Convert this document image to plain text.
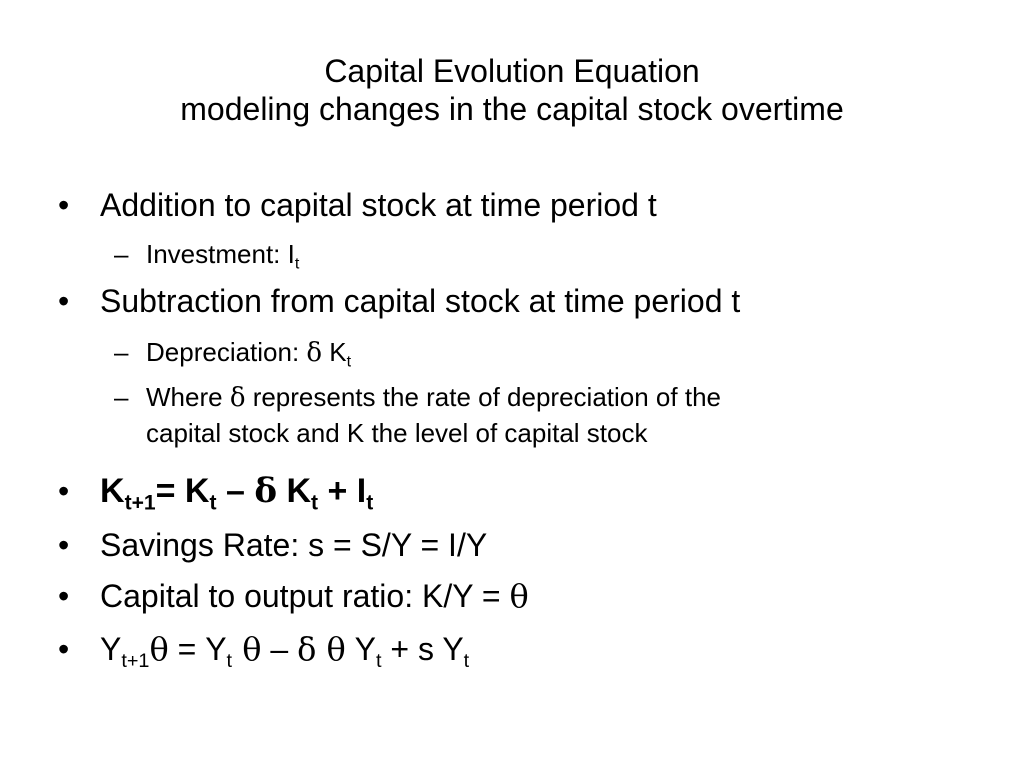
Capital Evolution Equation
modeling changes in the capital stock overtime
• Addition to capital stock at time period t
– Investment: $I_t$
• Subtraction from capital stock at time period t
– Depreciation: δ $K_t$
– Where δ represents the rate of depreciation of the
capital stock and K the level of capital stock
• $K_{t+1}= K_t - \delta$ $K_t + I_t$
• Savings Rate: s = S/Y = I/Y
• Capital to output ratio: K/Y = θ
• $Y_{t+1}\theta = Y_t$ θ – δ θ $Y_t + s$ $Y_t$
